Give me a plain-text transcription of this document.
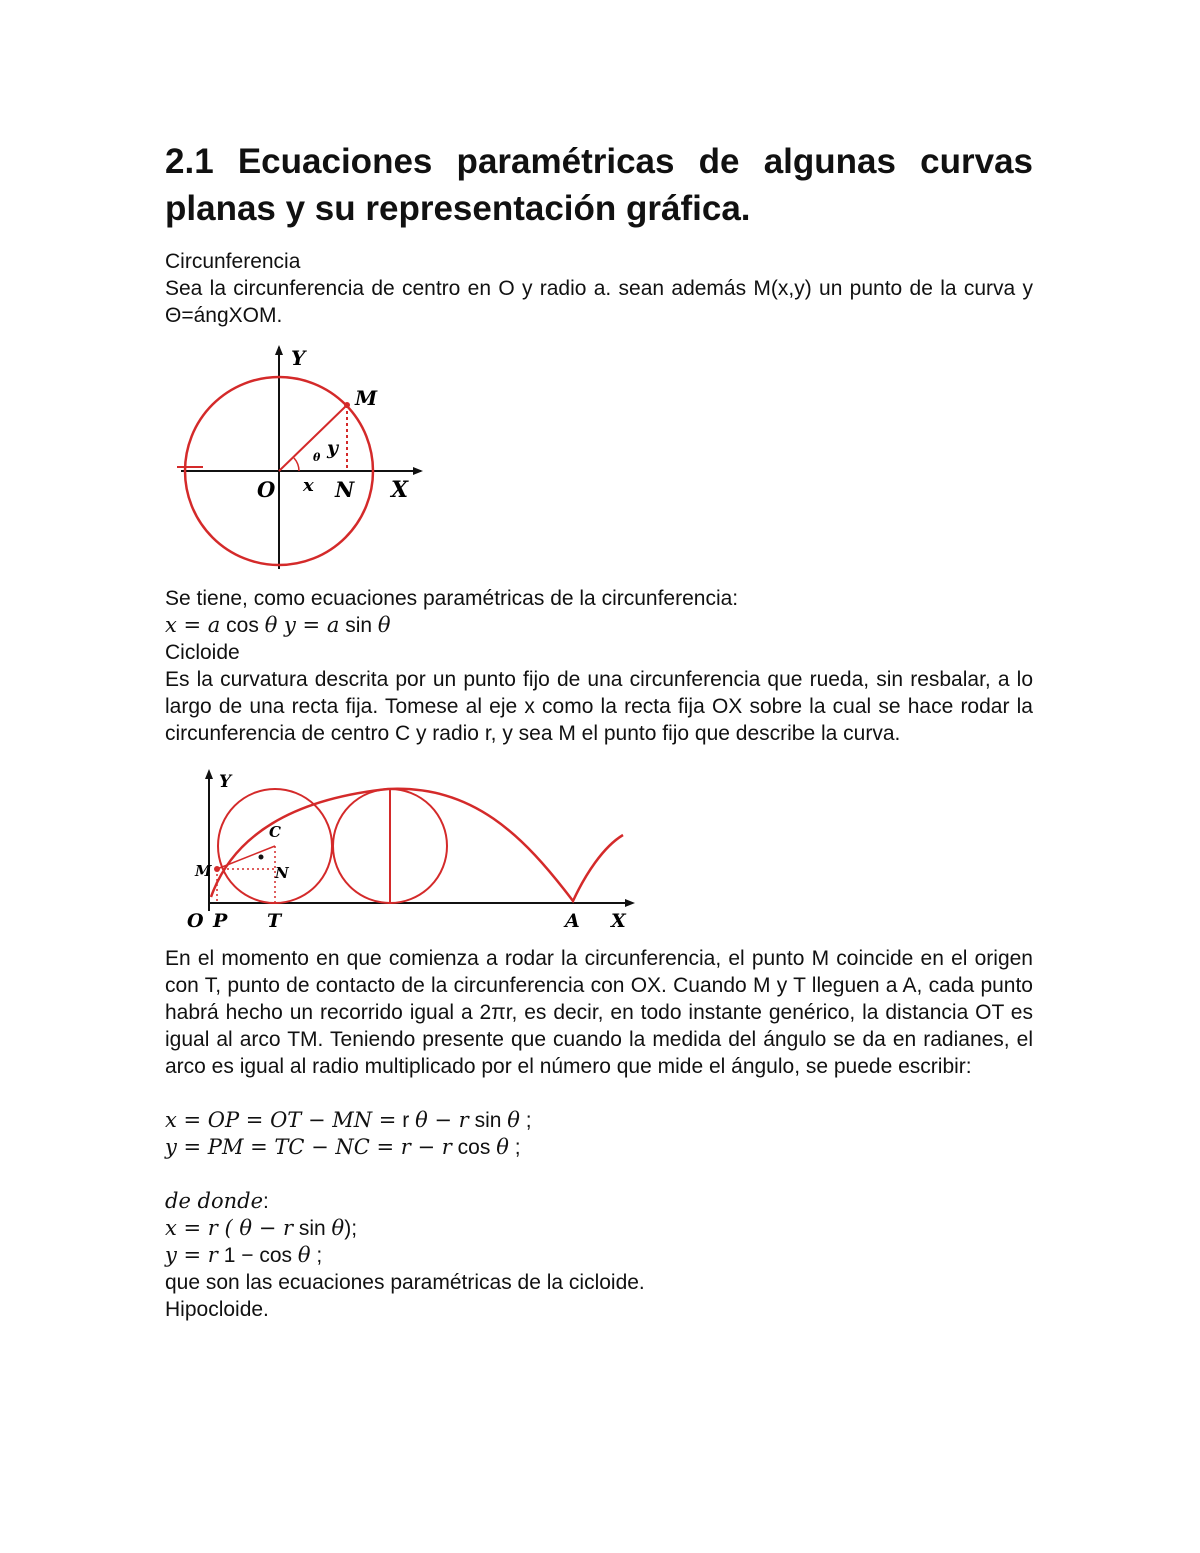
2.1 Ecuaciones paramétricas de algunas curvas planas y su representación gráfica.

Circunferencia

Sea la circunferencia de centro en O y radio a. sean además M(x,y) un punto de la curva y Θ=ángXOM.

M
Y
y
θ
O x N X

Se tiene, como ecuaciones paramétricas de la circunferencia:

x = a cos θ y = a sin θ

Cicloide

Es la curvatura descrita por un punto fijo de una circunferencia que rueda, sin resbalar, a lo largo de una recta fija. Tomese al eje x como la recta fija OX sobre la cual se hace rodar la circunferencia de centro C y radio r, y sea M el punto fijo que describe la curva.

C
Y
M	N
O P T	A X

En el momento en que comienza a rodar la circunferencia, el punto M coincide en el origen con T, punto de contacto de la circunferencia con OX. Cuando M y T lleguen a A, cada punto habrá hecho un recorrido igual a 2πr, es decir, en todo instante genérico, la distancia OT es igual al arco TM. Teniendo presente que cuando la medida del ángulo se da en radianes, el arco es igual al radio multiplicado por el número que mide el ángulo, se puede escribir:

x = OP = OT − MN = r θ − r sin θ ;

y = PM = TC − NC = r − r cos θ ;

de donde:

x = r ( θ − r sin θ);

y = r 1 − cos θ ;

que son las ecuaciones paramétricas de la cicloide.

Hipocloide.
